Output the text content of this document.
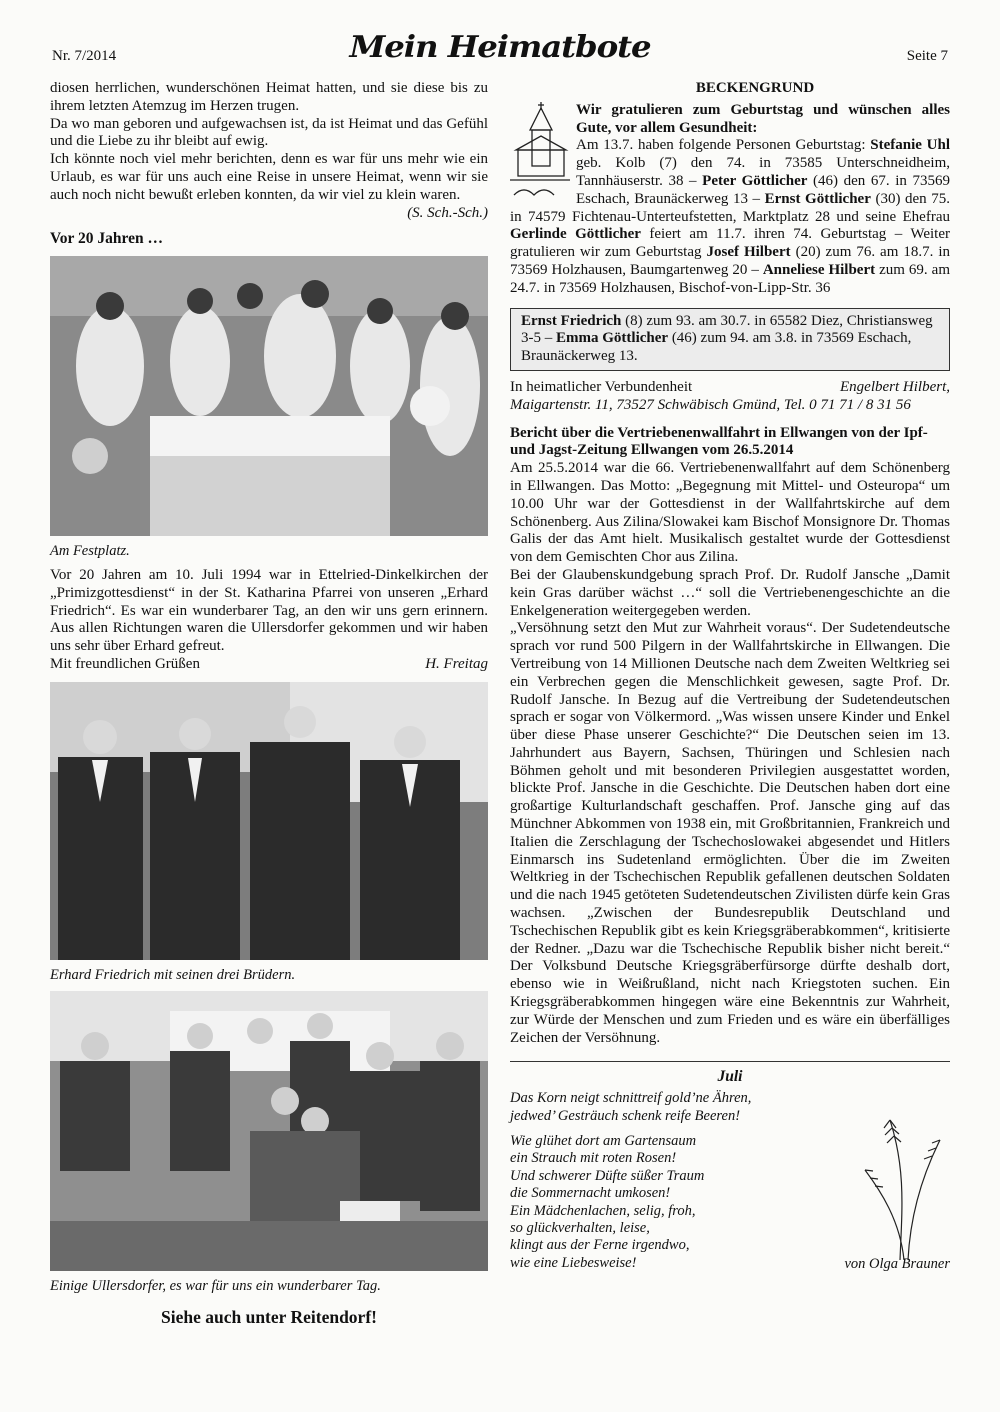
Nr. 7/2014	Mein Heimatbote	Seite 7

diosen herrlichen, wunderschönen Heimat hatten, und sie diese bis zu ihrem letzten Atemzug im Herzen trugen.

Da wo man geboren und aufgewachsen ist, da ist Heimat und das Gefühl und die Liebe zu ihr bleibt auf ewig.

Ich könnte noch viel mehr berichten, denn es war für uns mehr wie ein Urlaub, es war für uns auch eine Reise in unsere Heimat, wenn wir sie auch noch nicht bewußt erleben konnten, da wir viel zu klein waren.

(S. Sch.-Sch.)
Vor 20 Jahren …
Am Festplatz.

Vor 20 Jahren am 10. Juli 1994 war in Ettelried-Dinkelkirchen der „Primizgottesdienst“ in der St. Katharina Pfarrei von unseren „Erhard Friedrich“. Es war ein wunderbarer Tag, an den wir uns gern erinnern. Aus allen Richtungen waren die Ullersdorfer gekommen und wir haben uns sehr über Erhard gefreut.

Mit freundlichen Grüßen	H. Freitag
Erhard Friedrich mit seinen drei Brüdern.
Einige Ullersdorfer, es war für uns ein wunderbarer Tag.
Siehe auch unter Reitendorf!
BECKENGRUND

Wir gratulieren zum Geburtstag und wünschen alles Gute, vor allem Gesundheit:

Am 13.7. haben folgende Personen Geburtstag: Stefanie Uhl geb. Kolb (7) den 74. in 73585 Unterschneidheim, Tannhäuserstr. 38 – Peter Göttlicher (46) den 67. in 73569 Eschach, Braunäckerweg 13 – Ernst Göttlicher (30) den 75. in 74579 Fichtenau-Unterteufstetten, Marktplatz 28 und seine Ehefrau Gerlinde Göttlicher feiert am 11.7. ihren 74. Geburtstag – Weiter gratulieren wir zum Geburtstag Josef Hilbert (20) zum 76. am 18.7. in 73569 Holzhausen, Baumgartenweg 20 – Anneliese Hilbert zum 69. am 24.7. in 73569 Holzhausen, Bischof-von-Lipp-Str. 36

Ernst Friedrich (8) zum 93. am 30.7. in 65582 Diez, Christiansweg 3-5 – Emma Göttlicher (46) zum 94. am 3.8. in 73569 Eschach, Braunäckerweg 13.
In heimatlicher Verbundenheit	Engelbert Hilbert,
Maigartenstr. 11, 73527 Schwäbisch Gmünd, Tel. 0 71 71 / 8 31 56

Bericht über die Vertriebenenwallfahrt in Ellwangen von der Ipf- und Jagst-Zeitung Ellwangen vom 26.5.2014

Am 25.5.2014 war die 66. Vertriebenenwallfahrt auf dem Schönenberg in Ellwangen. Das Motto: „Begegnung mit Mittel- und Osteuropa“ um 10.00 Uhr war der Gottesdienst in der Wallfahrtskirche auf dem Schönenberg. Aus Zilina/Slowakei kam Bischof Monsignore Dr. Thomas Galis der das Amt hielt. Musikalisch gestaltet wurde der Gottesdienst von dem Gemischten Chor aus Zilina.

Bei der Glaubenskundgebung sprach Prof. Dr. Rudolf Jansche „Damit kein Gras darüber wächst …“ soll die Vertriebenengeschichte an die Enkelgeneration weitergegeben werden.

„Versöhnung setzt den Mut zur Wahrheit voraus“. Der Sudetendeutsche sprach vor rund 500 Pilgern in der Wallfahrtskirche in Ellwangen. Die Vertreibung von 14 Millionen Deutsche nach dem Zweiten Weltkrieg sei ein Verbrechen gegen die Menschlichkeit gewesen, sagte Prof. Dr. Rudolf Jansche. In Bezug auf die Vertreibung der Sudetendeutschen sprach er sogar von Völkermord. „Was wissen unsere Kinder und Enkel über diese Phase unserer Geschichte?“ Die Deutschen seien im 13. Jahrhundert aus Bayern, Sachsen, Thüringen und Schlesien nach Böhmen geholt und mit besonderen Privilegien ausgestattet worden, blickte Prof. Jansche in die Geschichte. Die Deutschen haben dort eine großartige Kulturlandschaft geschaffen. Prof. Jansche ging auf das Münchner Abkommen von 1938 ein, mit Großbritannien, Frankreich und Italien die Zerschlagung der Tschechoslowakei abgesendet und Hitlers Einmarsch ins Sudetenland ermöglichten. Über die im Zweiten Weltkrieg in der Tschechischen Republik gefallenen deutschen Soldaten und die nach 1945 getöteten Sudetendeutschen Zivilisten dürfe kein Gras wachsen. „Zwischen der Bundesrepublik Deutschland und Tschechischen Republik gibt es kein Kriegsgräberabkommen“, kritisierte der Redner. „Dazu war die Tschechische Republik bisher nicht bereit.“ Der Volksbund Deutsche Kriegsgräberfürsorge dürfte deshalb dort, ebenso wie in Weißrußland, nicht nach Kriegstoten suchen. Ein Kriegsgräberabkommen hingegen wäre eine Bekenntnis zur Wahrheit, zur Würde der Menschen und zum Frieden und es wäre ein überfälliges Zeichen der Versöhnung.

Juli
Das Korn neigt schnittreif gold’ne Ähren,
jedwed’ Gesträuch schenk reife Beeren!
Wie glühet dort am Gartensaum
ein Strauch mit roten Rosen!
Und schwerer Düfte süßer Traum
die Sommernacht umkosen!
Ein Mädchenlachen, selig, froh,
so glückverhalten, leise,
klingt aus der Ferne irgendwo,
wie eine Liebesweise!	von Olga Brauner
